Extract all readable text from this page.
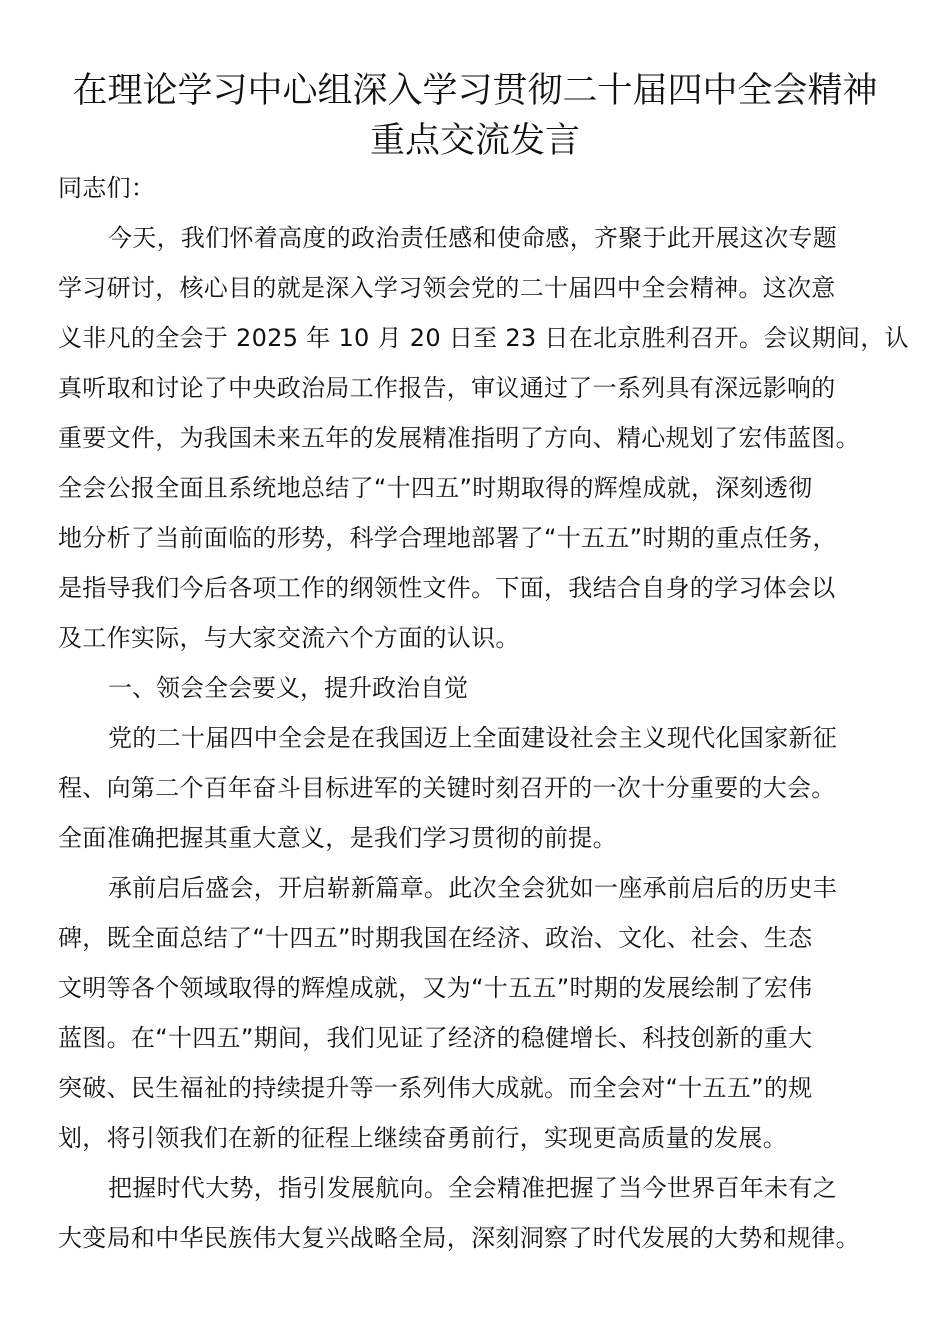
在理论学习中心组深入学习贯彻二十届四中全会精神
重点交流发言
同志们：
今天，我们怀着高度的政治责任感和使命感，齐聚于此开展这次专题
学习研讨，核心目的就是深入学习领会党的二十届四中全会精神。这次意
义非凡的全会于 2025 年 10 月 20 日至 23 日在北京胜利召开。会议期间，认
真听取和讨论了中央政治局工作报告，审议通过了一系列具有深远影响的
重要文件，为我国未来五年的发展精准指明了方向、精心规划了宏伟蓝图。
全会公报全面且系统地总结了“十四五”时期取得的辉煌成就，深刻透彻
地分析了当前面临的形势，科学合理地部署了“十五五”时期的重点任务，
是指导我们今后各项工作的纲领性文件。下面，我结合自身的学习体会以
及工作实际，与大家交流六个方面的认识。
一、领会全会要义，提升政治自觉
党的二十届四中全会是在我国迈上全面建设社会主义现代化国家新征
程、向第二个百年奋斗目标进军的关键时刻召开的一次十分重要的大会。
全面准确把握其重大意义，是我们学习贯彻的前提。
承前启后盛会，开启崭新篇章。此次全会犹如一座承前启后的历史丰
碑，既全面总结了“十四五”时期我国在经济、政治、文化、社会、生态
文明等各个领域取得的辉煌成就，又为“十五五”时期的发展绘制了宏伟
蓝图。在“十四五”期间，我们见证了经济的稳健增长、科技创新的重大
突破、民生福祉的持续提升等一系列伟大成就。而全会对“十五五”的规
划，将引领我们在新的征程上继续奋勇前行，实现更高质量的发展。
把握时代大势，指引发展航向。全会精准把握了当今世界百年未有之
大变局和中华民族伟大复兴战略全局，深刻洞察了时代发展的大势和规律。
